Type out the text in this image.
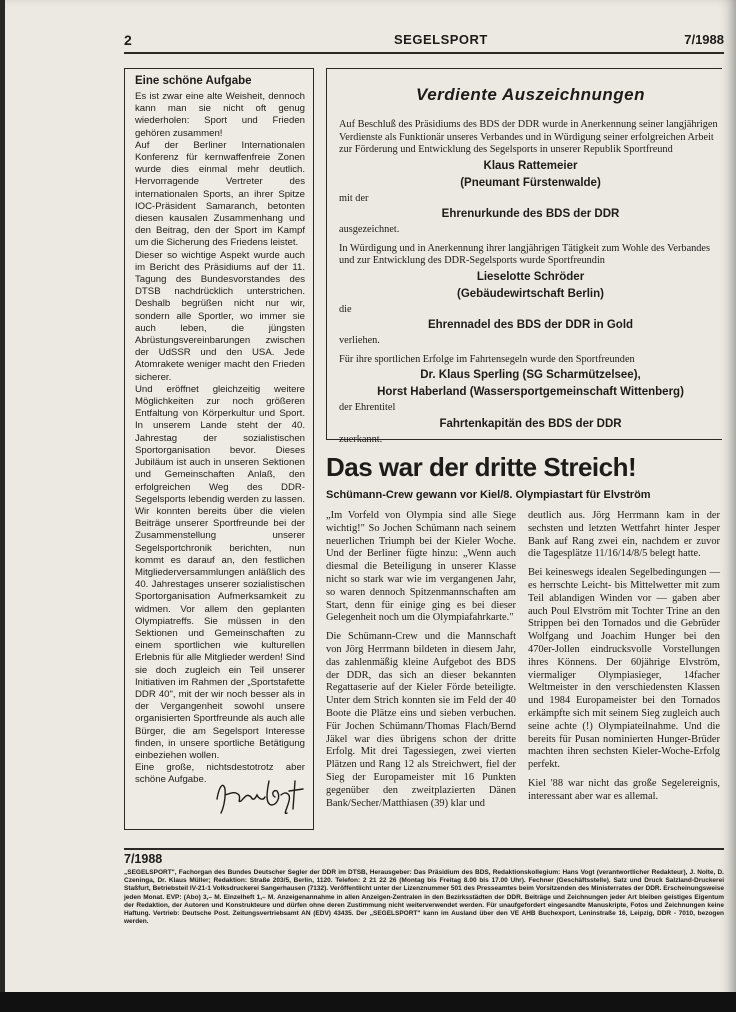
2	SEGELSPORT	7/1988
Eine schöne Aufgabe

Es ist zwar eine alte Weisheit, dennoch kann man sie nicht oft genug wiederholen: Sport und Frieden gehören zusammen!

Auf der Berliner Internationalen Konferenz für kernwaffenfreie Zonen wurde dies einmal mehr deutlich. Hervorragende Vertreter des internationalen Sports, an ihrer Spitze IOC-Präsident Samaranch, betonten diesen kausalen Zusammenhang und den Beitrag, den der Sport im Kampf um die Sicherung des Friedens leistet.

Dieser so wichtige Aspekt wurde auch im Bericht des Präsidiums auf der 11. Tagung des Bundesvorstandes des DTSB nachdrücklich unterstrichen. Deshalb begrüßen nicht nur wir, sondern alle Sportler, wo immer sie auch leben, die jüngsten Abrüstungsvereinbarungen zwischen der UdSSR und den USA. Jede Atomrakete weniger macht den Frieden sicherer.

Und eröffnet gleichzeitig weitere Möglichkeiten zur noch größeren Entfaltung von Körperkultur und Sport. In unserem Lande steht der 40. Jahrestag der sozialistischen Sportorganisation bevor. Dieses Jubiläum ist auch in unseren Sektionen und Gemeinschaften Anlaß, den erfolgreichen Weg des DDR-Segelsports lebendig werden zu lassen. Wir konnten bereits über die vielen Beiträge unserer Sportfreunde bei der Zusammenstellung unserer Segelsportchronik berichten, nun kommt es darauf an, den festlichen Mitgliederversammlungen anläßlich des 40. Jahrestages unserer sozialistischen Sportorganisation Aufmerksamkeit zu widmen. Vor allem den geplanten Olympiatreffs. Sie müssen in den Sektionen und Gemeinschaften zu einem sportlichen wie kulturellen Erlebnis für alle Mitglieder werden! Sind sie doch zugleich ein Teil unserer Initiativen im Rahmen der „Sportstafette DDR 40", mit der wir noch besser als in der Vergangenheit sowohl unsere organisierten Sportfreunde als auch alle Bürger, die am Segelsport Interesse finden, in unsere sportliche Betätigung einbeziehen wollen.

Eine große, nichtsdestotrotz aber schöne Aufgabe.

Verdiente Auszeichnungen

Auf Beschluß des Präsidiums des BDS der DDR wurde in Anerkennung seiner langjährigen Verdienste als Funktionär unseres Verbandes und in Würdigung seiner erfolgreichen Arbeit zur Förderung und Entwicklung des Segelsports in unserer Republik Sportfreund

Klaus Rattemeier
(Pneumant Fürstenwalde)

mit der

Ehrenurkunde des BDS der DDR

ausgezeichnet.

In Würdigung und in Anerkennung ihrer langjährigen Tätigkeit zum Wohle des Verbandes und zur Entwicklung des DDR-Segelsports wurde Sportfreundin

Lieselotte Schröder
(Gebäudewirtschaft Berlin)

die

Ehrennadel des BDS der DDR in Gold

verliehen.

Für ihre sportlichen Erfolge im Fahrtensegeln wurde den Sportfreunden

Dr. Klaus Sperling (SG Scharmützelsee),
Horst Haberland (Wassersportgemeinschaft Wittenberg)

der Ehrentitel

Fahrtenkapitän des BDS der DDR

zuerkannt.

Das war der dritte Streich!
Schümann-Crew gewann vor Kiel/8. Olympiastart für Elvström

„Im Vorfeld von Olympia sind alle Siege wichtig!" So Jochen Schümann nach seinem neuerlichen Triumph bei der Kieler Woche. Und der Berliner fügte hinzu: „Wenn auch diesmal die Beteiligung in unserer Klasse nicht so stark war wie im vergangenen Jahr, so waren dennoch Spitzenmannschaften am Start, denn für einige ging es bei dieser Gelegenheit noch um die Olympiafahrkarte."

Die Schümann-Crew und die Mannschaft von Jörg Herrmann bildeten in diesem Jahr, das zahlenmäßig kleine Aufgebot des BDS der DDR, das sich an dieser bekannten Regattaserie auf der Kieler Förde beteiligte. Unter dem Strich konnten sie im Feld der 40 Boote die Plätze eins und sieben verbuchen. Für Jochen Schümann/Thomas Flach/Bernd Jäkel war dies übrigens schon der dritte Erfolg. Mit drei Tagessiegen, zwei vierten Plätzen und Rang 12 als Streichwert, fiel der Sieg der Europameister mit 16 Punkten gegenüber den zweitplazierten Dänen Bank/Secher/Matthiasen (39) klar und

deutlich aus. Jörg Herrmann kam in der sechsten und letzten Wettfahrt hinter Jesper Bank auf Rang zwei ein, nachdem er zuvor die Tagesplätze 11/16/14/8/5 belegt hatte.

Bei keineswegs idealen Segelbedingungen — es herrschte Leicht- bis Mittelwetter mit zum Teil ablandigen Winden vor — gaben aber auch Poul Elvström mit Tochter Trine an den Strippen bei den Tornados und die Gebrüder Wolfgang und Joachim Hunger bei den 470er-Jollen eindrucksvolle Vorstellungen ihres Könnens. Der 60jährige Elvström, viermaliger Olympiasieger, 14facher Weltmeister in den verschiedensten Klassen und 1984 Europameister bei den Tornados erkämpfte sich mit seinem Sieg zugleich auch seine achte (!) Olympiateilnahme. Und die bereits für Pusan nominierten Hunger-Brüder machten ihren sechsten Kieler-Woche-Erfolg perfekt.

Kiel '88 war nicht das große Segelereignis, interessant aber war es allemal.

7/1988
„SEGELSPORT", Fachorgan des Bundes Deutscher Segler der DDR im DTSB, Herausgeber: Das Präsidium des BDS, Redaktionskollegium: Hans Vogt (verantwortlicher Redakteur), J. Nolte, D. Czeninga, Dr. Klaus Müller; Redaktion: Straße 203/5, Berlin, 1120. Telefon: 2 21 22 26 (Montag bis Freitag 8.00 bis 17.00 Uhr). Fechner (Geschäftsstelle). Satz und Druck Salzland-Druckerei Staßfurt, Betriebsteil IV-21-1 Volksdruckerei Sangerhausen (7132). Veröffentlicht unter der Lizenznummer 501 des Presseamtes beim Vorsitzenden des Ministerrates der DDR. Erscheinungsweise jeden Monat. EVP: (Abo) 3,– M. Einzelheft 1,– M. Anzeigenannahme in allen Anzeigen-Zentralen in den Bezirksstädten der DDR. Beiträge und Zeichnungen jeder Art bleiben geistiges Eigentum der Redaktion, der Autoren und Konstrukteure und dürfen ohne deren Zustimmung nicht weiterverwendet werden. Für unaufgefordert eingesandte Manuskripte, Fotos und Zeichnungen keine Haftung. Vertrieb: Deutsche Post. Zeitungsvertriebsamt AN (EDV) 43435. Der „SEGELSPORT" kann im Ausland über den VE AHB Buchexport, Leninstraße 16, Leipzig, DDR - 7010, bezogen werden.
